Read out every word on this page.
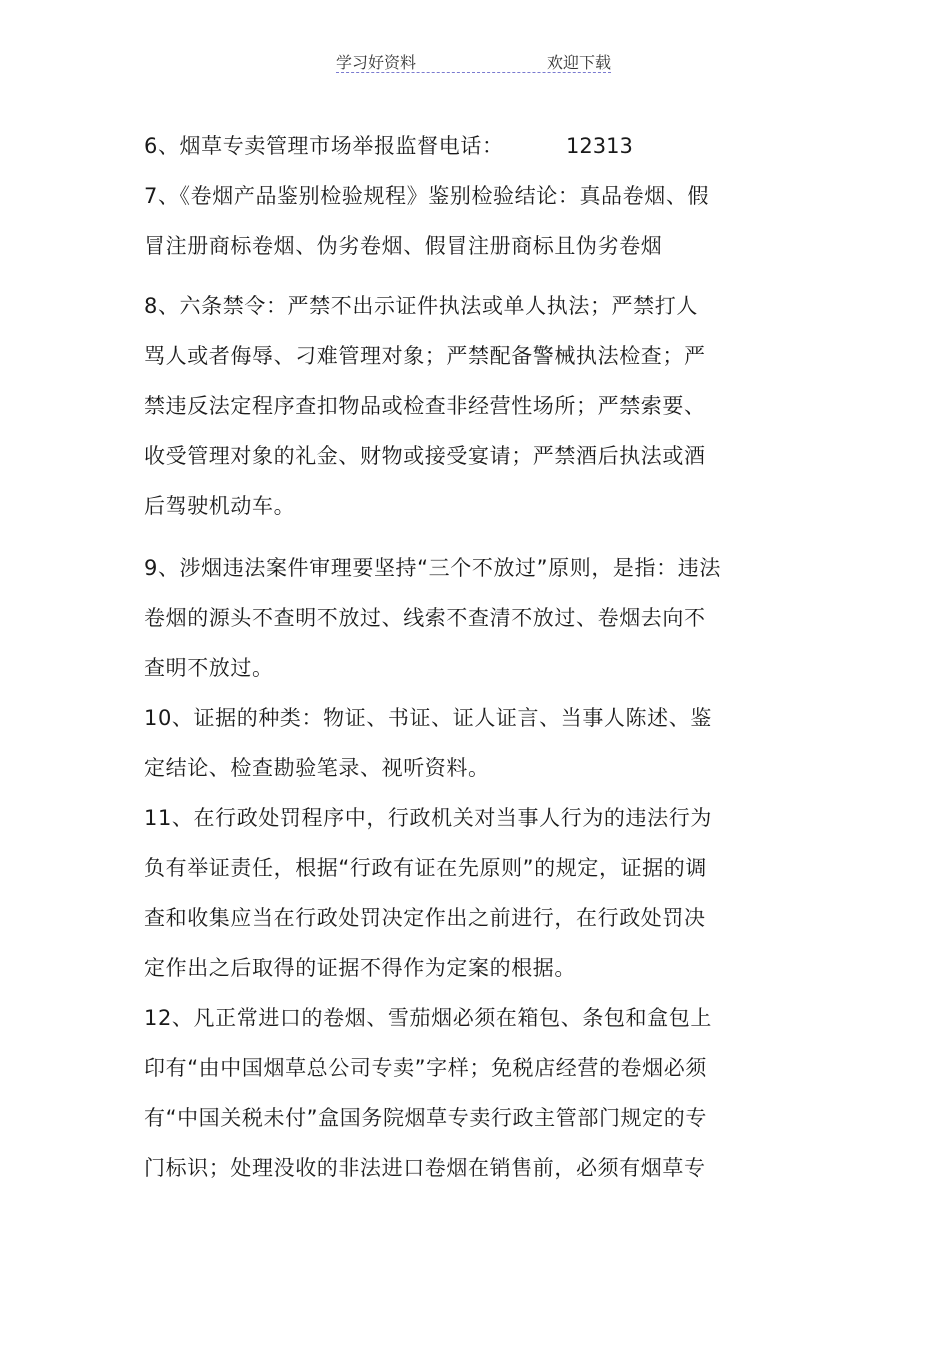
学习好资料	欢迎下载
6、烟草专卖管理市场举报监督电话：	12313
7、《卷烟产品鉴别检验规程》鉴别检验结论：真品卷烟、假
冒注册商标卷烟、伪劣卷烟、假冒注册商标且伪劣卷烟
8、六条禁令：严禁不出示证件执法或单人执法；严禁打人
骂人或者侮辱、刁难管理对象；严禁配备警械执法检查；严
禁违反法定程序查扣物品或检查非经营性场所；严禁索要、
收受管理对象的礼金、财物或接受宴请；严禁酒后执法或酒
后驾驶机动车。
9、涉烟违法案件审理要坚持“三个不放过”原则，是指：违法
卷烟的源头不查明不放过、线索不查清不放过、卷烟去向不
查明不放过。
10、证据的种类：物证、书证、证人证言、当事人陈述、鉴
定结论、检查勘验笔录、视听资料。
11、在行政处罚程序中，行政机关对当事人行为的违法行为
负有举证责任，根据“行政有证在先原则”的规定，证据的调
查和收集应当在行政处罚决定作出之前进行，在行政处罚决
定作出之后取得的证据不得作为定案的根据。
12、凡正常进口的卷烟、雪茄烟必须在箱包、条包和盒包上
印有“由中国烟草总公司专卖”字样；免税店经营的卷烟必须
有“中国关税未付”盒国务院烟草专卖行政主管部门规定的专
门标识；处理没收的非法进口卷烟在销售前，必须有烟草专
